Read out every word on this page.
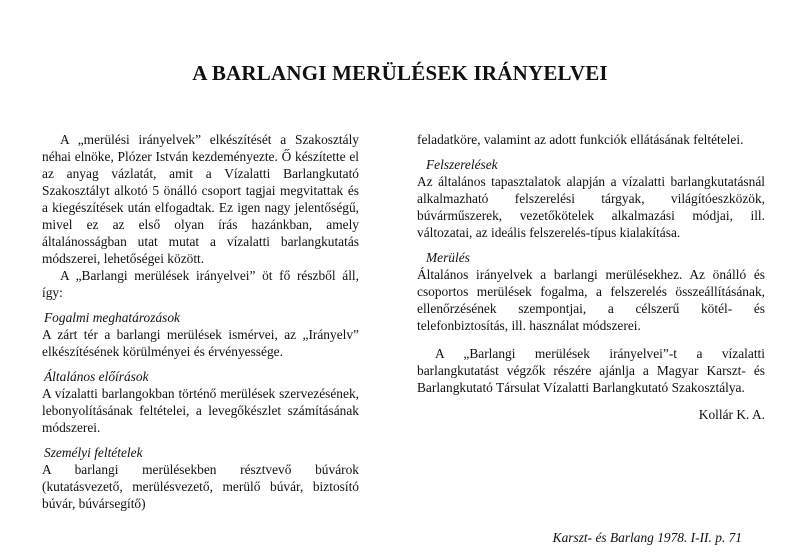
A BARLANGI MERÜLÉSEK IRÁNYELVEI

A „merülési irányelvek” elkészítését a Szakosztály néhai elnöke, Plózer István kezdeményezte. Ő készítette el az anyag vázlatát, amit a Vízalatti Barlangkutató Szakosztályt alkotó 5 önálló csoport tagjai megvitattak és a kiegészítések után elfogadtak. Ez igen nagy jelentőségű, mivel ez az első olyan írás hazánkban, amely általánosságban utat mutat a vízalatti barlangkutatás módszerei, lehetőségei között.

A „Barlangi merülések irányelvei” öt fő részből áll, így:

Fogalmi meghatározások

A zárt tér a barlangi merülések ismérvei, az „Irányelv” elkészítésének körülményei és érvényessége.

Általános előírások

A vízalatti barlangokban történő merülések szervezésének, lebonyolításának feltételei, a levegőkészlet számításának módszerei.

Személyi feltételek

A barlangi merülésekben résztvevő búvárok (kutatásvezető, merülésvezető, merülő búvár, biztosító búvár, búvársegítő)

feladatköre, valamint az adott funkciók ellátásának feltételei.

Felszerelések

Az általános tapasztalatok alapján a vízalatti barlangkutatásnál alkalmazható felszerelési tárgyak, világítóeszközök, búvárműszerek, vezetőkötelek alkalmazási módjai, ill. változatai, az ideális felszerelés-típus kialakítása.

Merülés

Általános irányelvek a barlangi merülésekhez. Az önálló és csoportos merülések fogalma, a felszerelés összeállításának, ellenőrzésének szempontjai, a célszerű kötél- és telefonbiztosítás, ill. használat módszerei.

A „Barlangi merülések irányelvei”-t a vízalatti barlangkutatást végzők részére ajánlja a Magyar Karszt- és Barlangkutató Társulat Vízalatti Barlangkutató Szakosztálya.

Kollár K. A.

Karszt- és Barlang 1978. I-II. p. 71
